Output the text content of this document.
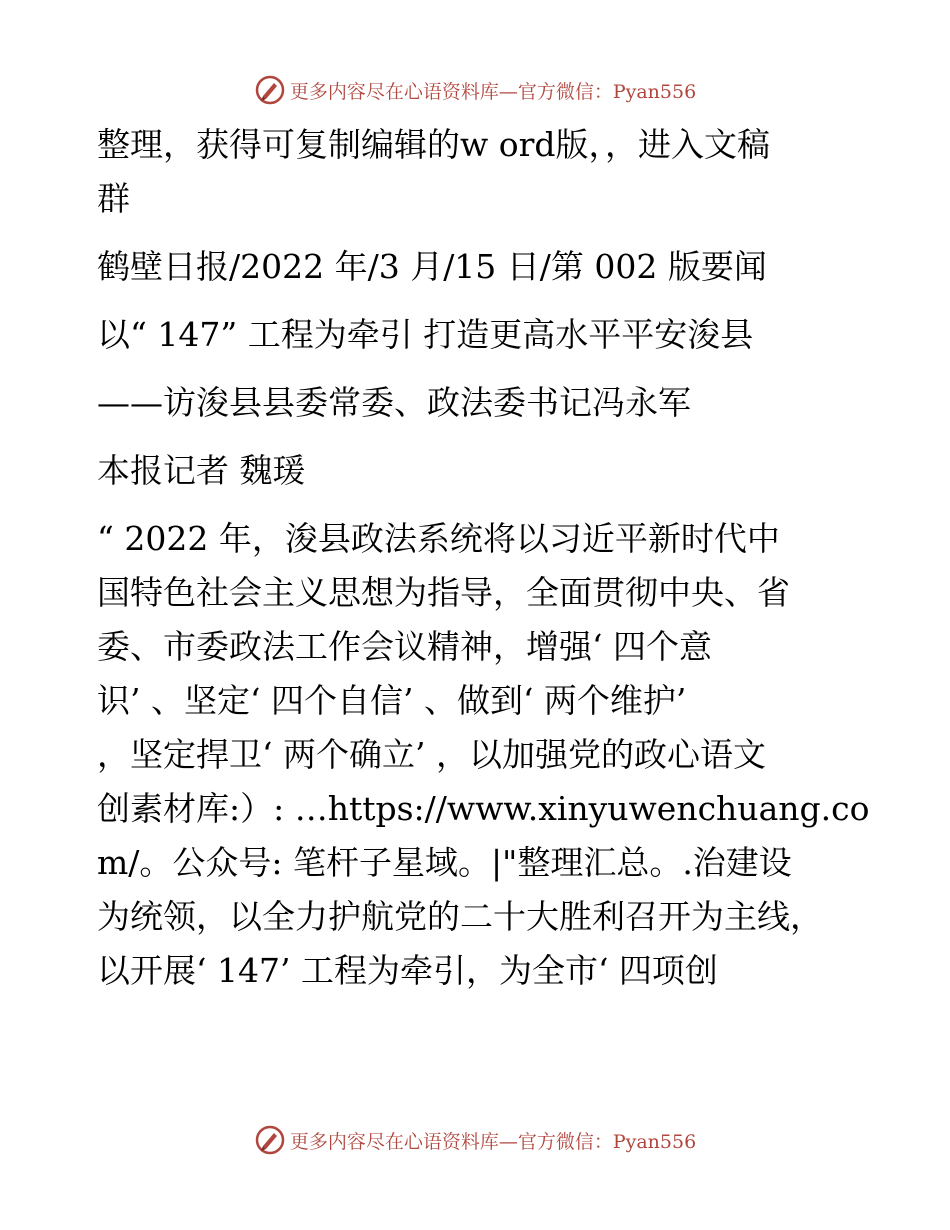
更多内容尽在心语资料库—官方微信：Pyan556
整理，获得可复制编辑的w ord版，，进入文稿
群
鹤壁日报/2022 年/3 月/15 日/第 002 版要闻
以“ 147” 工程为牵引 打造更高水平平安浚县
——访浚县县委常委、政法委书记冯永军
本报记者 魏瑗
“ 2022 年，浚县政法系统将以习近平新时代中
国特色社会主义思想为指导，全面贯彻中央、省
委、市委政法工作会议精神，增强‘ 四个意
识’ 、坚定‘ 四个自信’ 、做到‘ 两个维护’
，坚定捍卫‘ 两个确立’ ，以加强党的政心语文
创素材库:）: …https://www.xinyuwenchuang.co
m/。公众号: 笔杆子星域。|"整理汇总。.治建设
为统领，以全力护航党的二十大胜利召开为主线，
以开展‘ 147’ 工程为牵引，为全市‘ 四项创
更多内容尽在心语资料库—官方微信：Pyan556
